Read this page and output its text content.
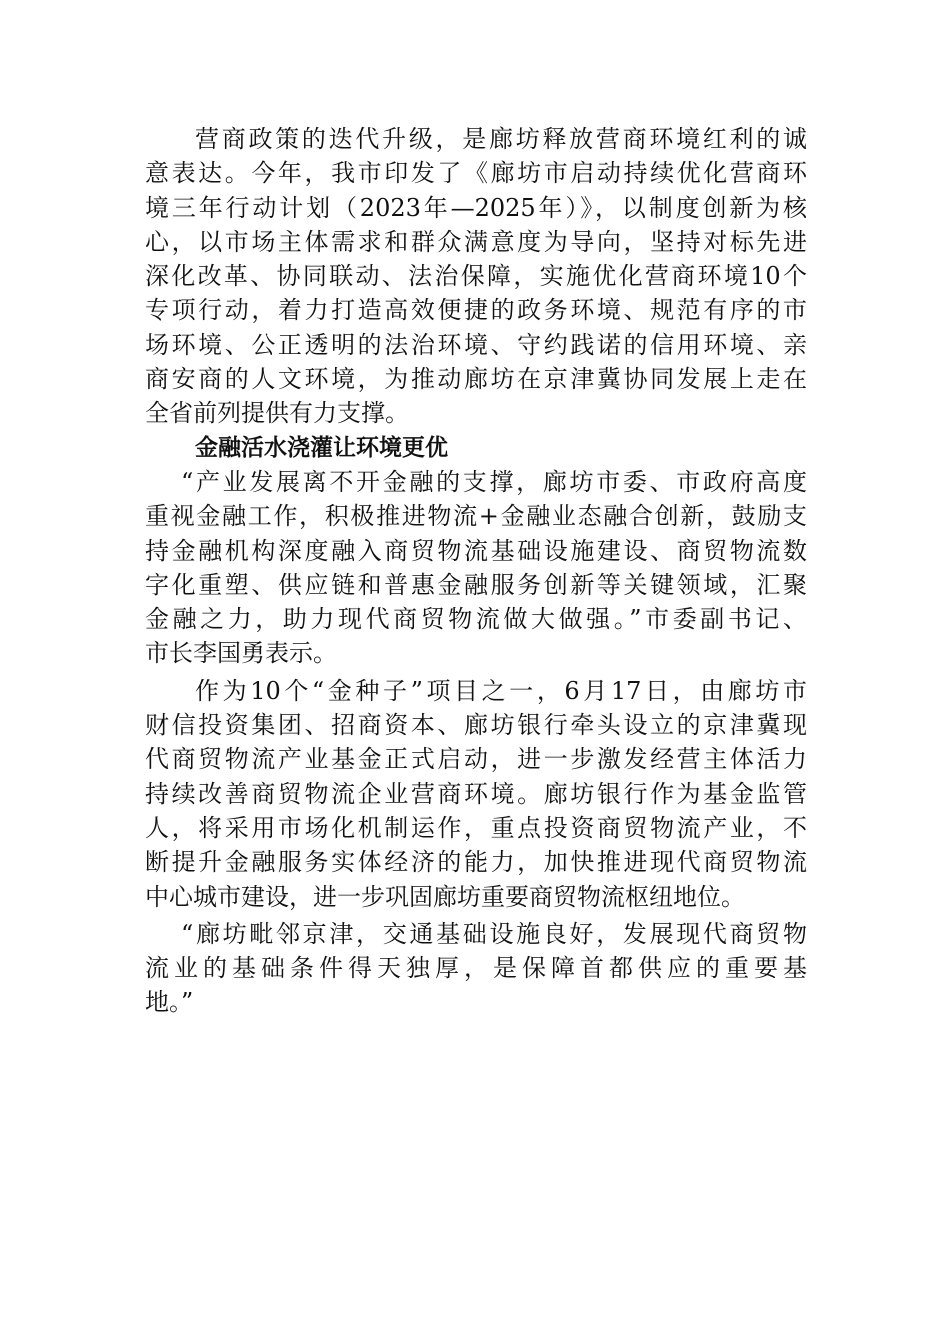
营商政策的迭代升级，是廊坊释放营商环境红利的诚
意表达。今年，我市印发了《廊坊市启动持续优化营商环
境三年行动计划（2023年—2025年）》，以制度创新为核
心，以市场主体需求和群众满意度为导向，坚持对标先进
深化改革、协同联动、法治保障，实施优化营商环境10个
专项行动，着力打造高效便捷的政务环境、规范有序的市
场环境、公正透明的法治环境、守约践诺的信用环境、亲
商安商的人文环境，为推动廊坊在京津冀协同发展上走在
全省前列提供有力支撑。
金融活水浇灌让环境更优
“产业发展离不开金融的支撑，廊坊市委、市政府高度
重视金融工作，积极推进物流+金融业态融合创新，鼓励支
持金融机构深度融入商贸物流基础设施建设、商贸物流数
字化重塑、供应链和普惠金融服务创新等关键领域，汇聚
金融之力，助力现代商贸物流做大做强。”市委副书记、
市长李国勇表示。
作为10个“金种子”项目之一，6月17日，由廊坊市
财信投资集团、招商资本、廊坊银行牵头设立的京津冀现
代商贸物流产业基金正式启动，进一步激发经营主体活力
持续改善商贸物流企业营商环境。廊坊银行作为基金监管
人，将采用市场化机制运作，重点投资商贸物流产业，不
断提升金融服务实体经济的能力，加快推进现代商贸物流
中心城市建设，进一步巩固廊坊重要商贸物流枢纽地位。
“廊坊毗邻京津，交通基础设施良好，发展现代商贸物
流业的基础条件得天独厚，是保障首都供应的重要基
地。”
